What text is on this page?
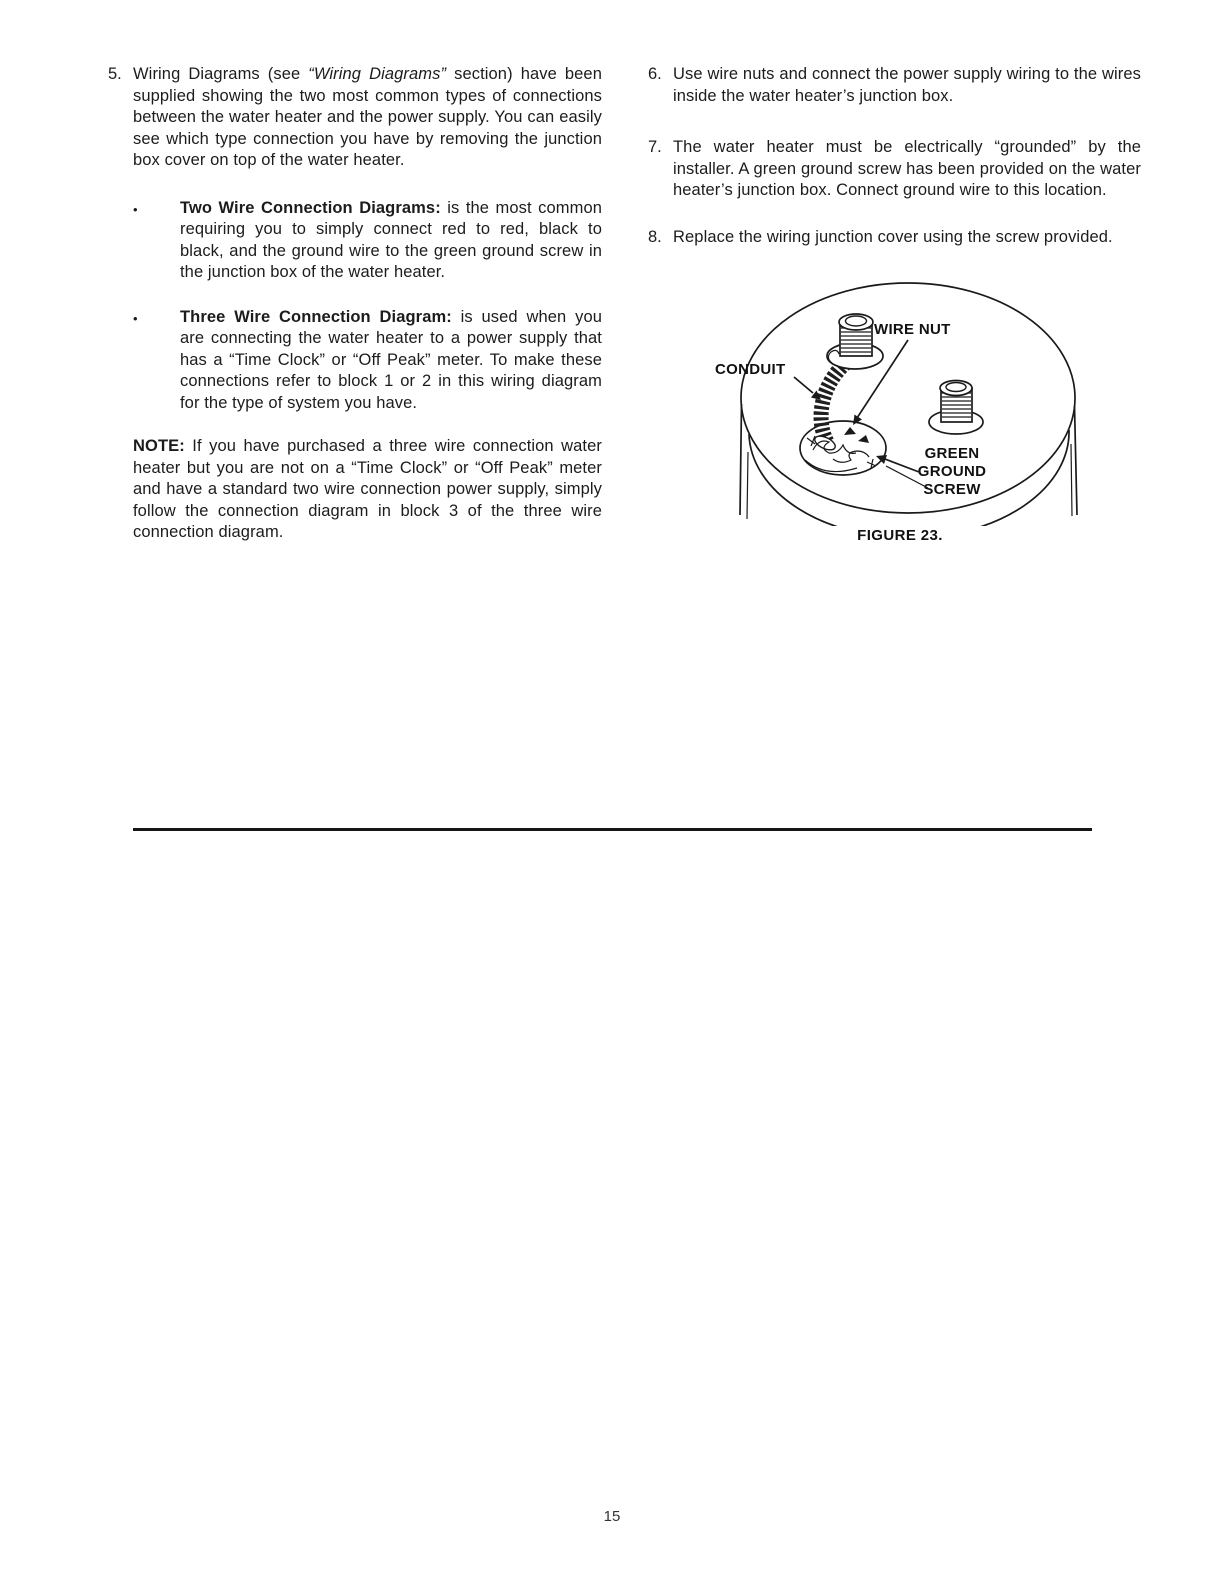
5. Wiring Diagrams (see “Wiring Diagrams” section) have been supplied showing the two most common types of connections between the water heater and the power supply. You can easily see which type connection you have by removing the junction box cover on top of the water heater.

•	Two Wire Connection Diagrams: is the most common requiring you to simply connect red to red, black to black, and the ground wire to the green ground screw in the junction box of the water heater.

•	Three Wire Connection Diagram: is used when you are connecting the water heater to a power supply that has a “Time Clock” or “Off Peak” meter. To make these connections refer to block 1 or 2 in this wiring diagram for the type of system you have.

NOTE: If you have purchased a three wire connection water heater but you are not on a “Time Clock” or “Off Peak” meter and have a standard two wire connection power supply, simply follow the connection diagram in block 3 of the three wire connection diagram.

6. Use wire nuts and connect the power supply wiring to the wires inside the water heater’s junction box.

7. The water heater must be electrically “grounded” by the installer. A green ground screw has been provided on the water heater’s junction box. Connect ground wire to this location.

8. Replace the wiring junction cover using the screw provided.

CONDUIT
WIRE NUT
GREEN
GROUND
SCREW
FIGURE 23.
15
